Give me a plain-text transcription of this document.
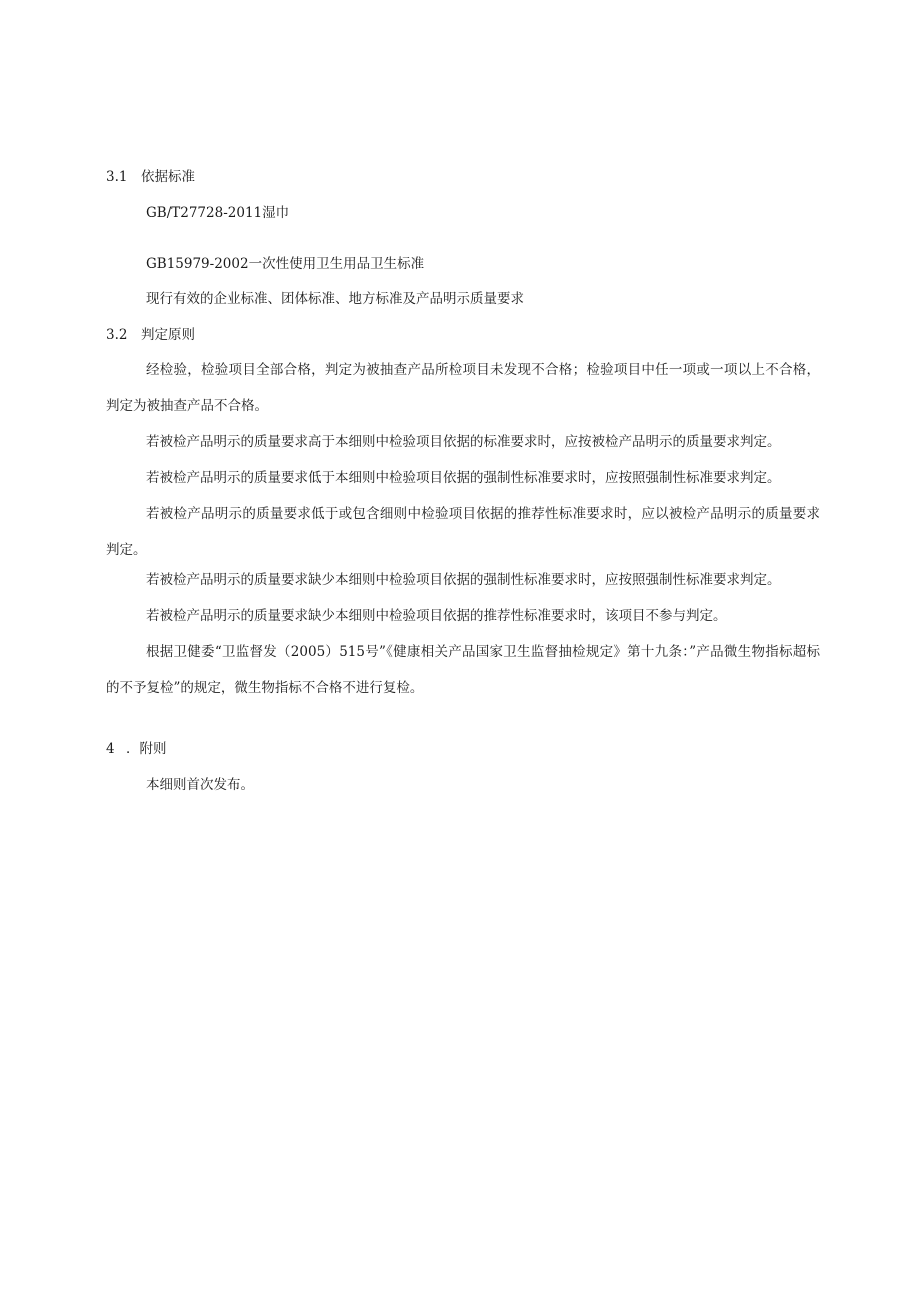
3.1 依据标准
GB/T27728-2011湿巾
GB15979-2002一次性使用卫生用品卫生标准
现行有效的企业标准、团体标准、地方标准及产品明示质量要求
3.2 判定原则
经检验，检验项目全部合格，判定为被抽查产品所检项目未发现不合格；检验项目中任一项或一项以上不合格，判定为被抽查产品不合格。
若被检产品明示的质量要求高于本细则中检验项目依据的标准要求时，应按被检产品明示的质量要求判定。
若被检产品明示的质量要求低于本细则中检验项目依据的强制性标准要求时，应按照强制性标准要求判定。
若被检产品明示的质量要求低于或包含细则中检验项目依据的推荐性标准要求时，应以被检产品明示的质量要求判定。
若被检产品明示的质量要求缺少本细则中检验项目依据的强制性标准要求时，应按照强制性标准要求判定。
若被检产品明示的质量要求缺少本细则中检验项目依据的推荐性标准要求时，该项目不参与判定。
根据卫健委“卫监督发（2005）515号”《健康相关产品国家卫生监督抽检规定》第十九条：”产品微生物指标超标的不予复检”的规定，微生物指标不合格不进行复检。
4 ．附则
本细则首次发布。
